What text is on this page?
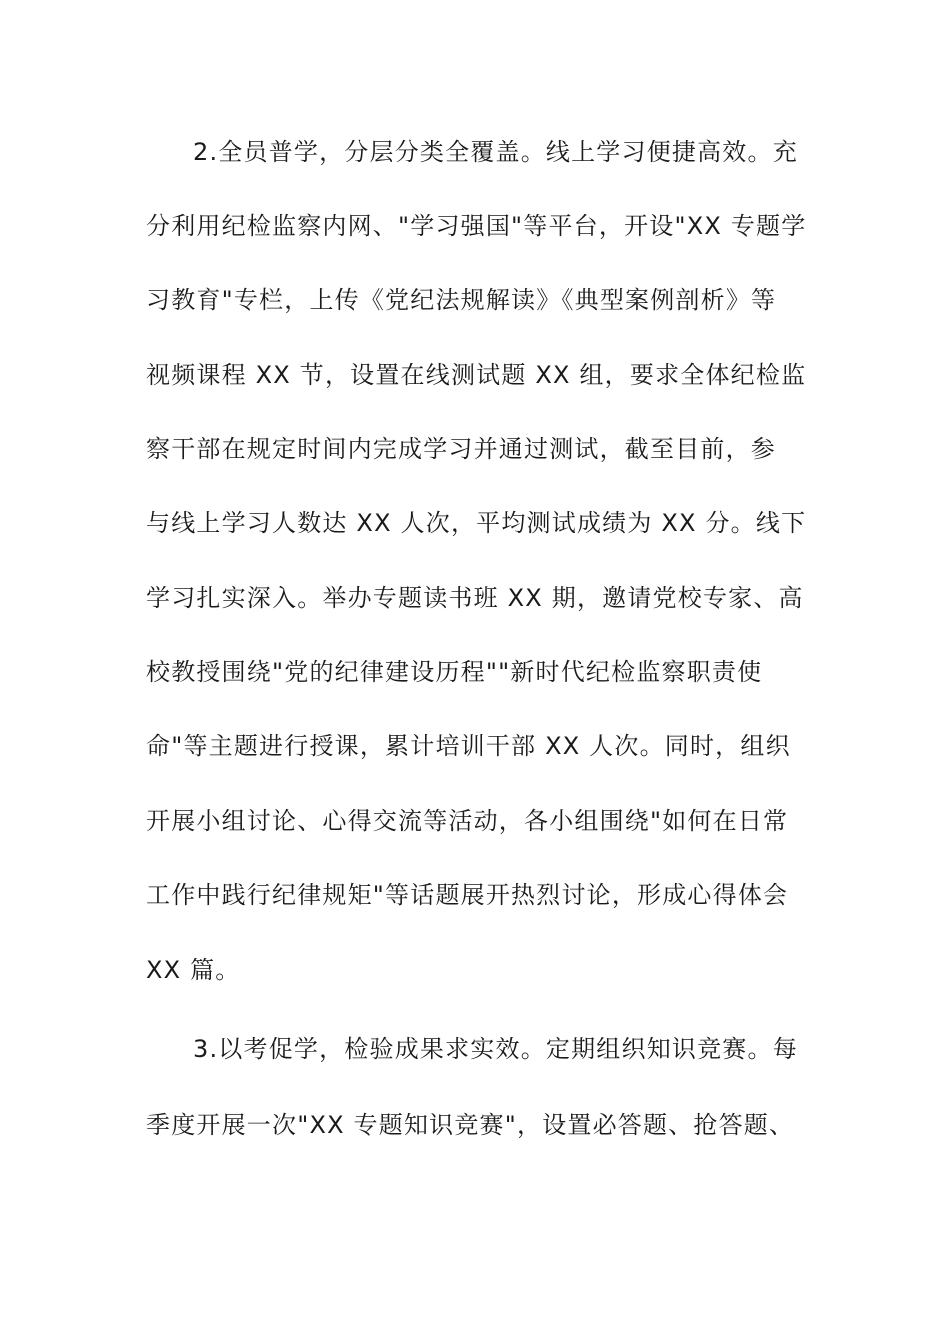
2.全员普学，分层分类全覆盖。线上学习便捷高效。充
分利用纪检监察内网、"学习强国"等平台，开设"XX 专题学
习教育"专栏，上传《党纪法规解读》《典型案例剖析》等
视频课程 XX 节，设置在线测试题 XX 组，要求全体纪检监
察干部在规定时间内完成学习并通过测试，截至目前，参
与线上学习人数达 XX 人次，平均测试成绩为 XX 分。线下
学习扎实深入。举办专题读书班 XX 期，邀请党校专家、高
校教授围绕"党的纪律建设历程""新时代纪检监察职责使
命"等主题进行授课，累计培训干部 XX 人次。同时，组织
开展小组讨论、心得交流等活动，各小组围绕"如何在日常
工作中践行纪律规矩"等话题展开热烈讨论，形成心得体会
XX 篇。
3.以考促学，检验成果求实效。定期组织知识竞赛。每
季度开展一次"XX 专题知识竞赛"，设置必答题、抢答题、
